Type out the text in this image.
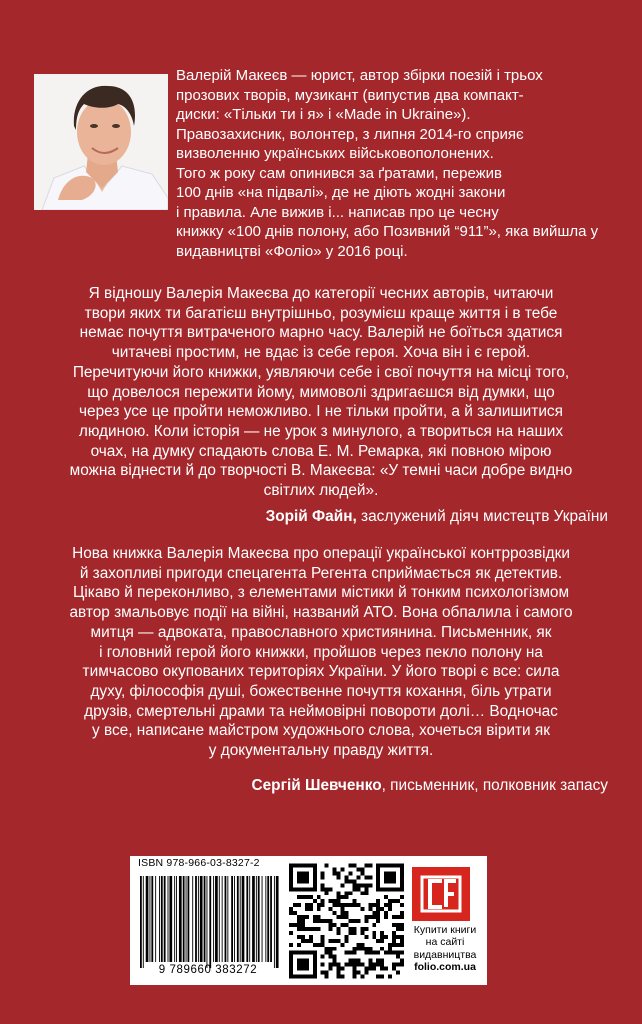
Валерій Макеєв — юрист, автор збірки поезій і трьох
прозових творів, музикант (випустив два компакт-
диски: «Тільки ти і я» і «Made in Ukraine»).
Правозахисник, волонтер, з липня 2014-го сприяє
визволенню українських військовополонених.
Того ж року сам опинився за ґратами, пережив
100 днів «на підвалі», де не діють жодні закони
і правила. Але вижив і... написав про це чесну
книжку «100 днів полону, або Позивний “911”», яка вийшла у
видавництві «Фоліо» у 2016 році.
Я відношу Валерія Макеєва до категорії чесних авторів, читаючи
твори яких ти багатієш внутрішньо, розумієш краще життя і в тебе
немає почуття витраченого марно часу. Валерій не боїться здатися
читачеві простим, не вдає із себе героя. Хоча він і є герой.
Перечитуючи його книжки, уявляючи себе і свої почуття на місці того,
що довелося пережити йому, мимоволі здригаєшся від думки, що
через усе це пройти неможливо. І не тільки пройти, а й залишитися
людиною. Коли історія — не урок з минулого, а твориться на наших
очах, на думку спадають слова Е. М. Ремарка, які повною мірою
можна віднести й до творчості В. Макеєва: «У темні часи добре видно
світлих людей».
Зорій Файн, заслужений діяч мистецтв України
Нова книжка Валерія Макеєва про операції української контррозвідки
й захопливі пригоди спецагента Регента сприймається як детектив.
Цікаво й переконливо, з елементами містики й тонким психологізмом
автор змальовує події на війні, названий АТО. Вона обпалила і самого
митця — адвоката, православного християнина. Письменник, як
і головний герой його книжки, пройшов через пекло полону на
тимчасово окупованих територіях України. У його творі є все: сила
духу, філософія душі, божественне почуття кохання, біль утрати
друзів, смертельні драми та неймовірні повороти долі… Водночас
у все, написане майстром художнього слова, хочеться вірити як
у документальну правду життя.
Сергій Шевченко, письменник, полковник запасу
ISBN 978-966-03-8327-2
9 789660 383272
Купити книги
на сайті
видавництва
folio.com.ua
